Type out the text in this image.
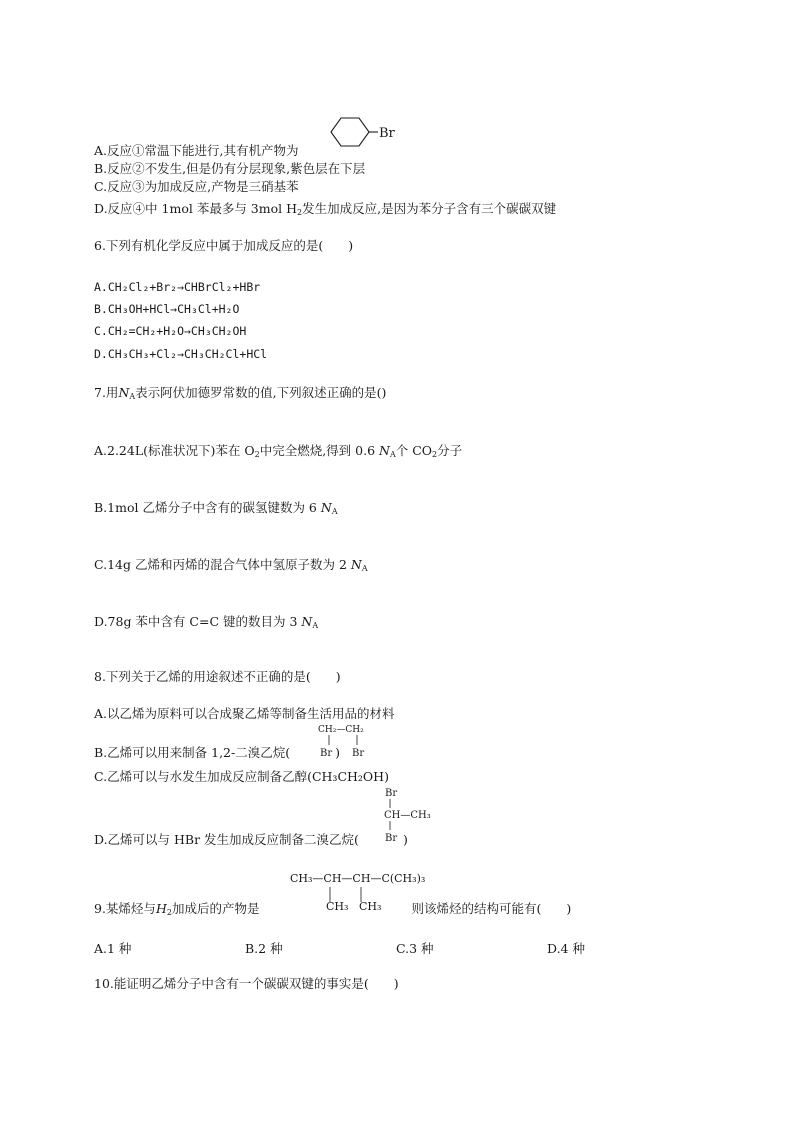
Br
A.反应①常温下能进行,其有机产物为
B.反应②不发生,但是仍有分层现象,紫色层在下层
C.反应③为加成反应,产物是三硝基苯
D.反应④中 1mol 苯最多与 3mol $H_2$发生加成反应,是因为苯分子含有三个碳碳双键
6.下列有机化学反应中属于加成反应的是(　　)
A.CH₂Cl₂+Br₂→CHBrCl₂+HBr
B.CH₃OH+HCl→CH₃Cl+H₂O
C.CH₂=CH₂+H₂O→CH₃CH₂OH
D.CH₃CH₃+Cl₂→CH₃CH₂Cl+HCl
7.用$N_A$表示阿伏加德罗常数的值,下列叙述正确的是()
A.2.24L(标准状况下)苯在 $O_2$中完全燃烧,得到 0.6 $N_A$个 $CO_2$分子
B.1mol 乙烯分子中含有的碳氢键数为 6 $N_A$
C.14g 乙烯和丙烯的混合气体中氢原子数为 2 $N_A$
D.78g 苯中含有 C=C 键的数目为 3 $N_A$
8.下列关于乙烯的用途叙述不正确的是(　　)
A.以乙烯为原料可以合成聚乙烯等制备生活用品的材料
CH₂—CH₂
Br Br
B.乙烯可以用来制备 1,2-二溴乙烷(	)
C.乙烯可以与水发生加成反应制备乙醇(CH₃CH₂OH)
Br
CH—CH₃
Br
D.乙烯可以与 HBr 发生加成反应制备二溴乙烷(	)
CH₃—CH—CH—C(CH₃)₃
CH₃ CH₃
9.某烯烃与$H_2$加成后的产物是	则该烯烃的结构可能有(　　)
A.1 种	B.2 种	C.3 种	D.4 种
10.能证明乙烯分子中含有一个碳碳双键的事实是(　　)
